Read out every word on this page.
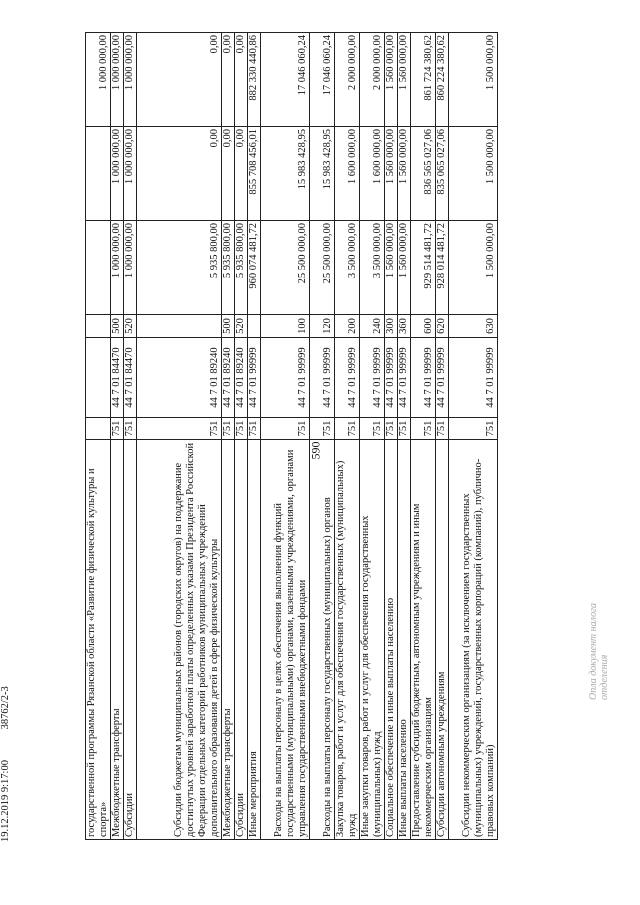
590
государственной программы Рязанской области «Развитие физической культуры и спорта»						1 000 000,00
Межбюджетные трансферты	751	44 7 01 84470	500	1 000 000,00	1 000 000,00	1 000 000,00
Субсидии	751	44 7 01 84470	520	1 000 000,00	1 000 000,00	1 000 000,00
Субсидии бюджетам муниципальных районов (городских округов) на поддержание достигнутых уровней заработной платы определенных указами Президента Российской Федерации отдельных категорий работников муниципальных учреждений дополнительного образования детей в сфере физической культуры	751	44 7 01 89240		5 935 800,00	0,00	0,00
Межбюджетные трансферты	751	44 7 01 89240	500	5 935 800,00	0,00	0,00
Субсидии	751	44 7 01 89240	520	5 935 800,00	0,00	0,00
Иные мероприятия	751	44 7 01 99999		960 074 481,72	855 708 456,01	882 330 440,86
Расходы на выплаты персоналу в целях обеспечения выполнения функций государственными (муниципальными) органами, казенными учреждениями, органами управления государственными внебюджетными фондами	751	44 7 01 99999	100	25 500 000,00	15 983 428,95	17 046 060,24
Расходы на выплаты персоналу государственных (муниципальных) органов	751	44 7 01 99999	120	25 500 000,00	15 983 428,95	17 046 060,24
Закупка товаров, работ и услуг для обеспечения государственных (муниципальных) нужд	751	44 7 01 99999	200	3 500 000,00	1 600 000,00	2 000 000,00
Иные закупки товаров, работ и услуг для обеспечения государственных (муниципальных) нужд	751	44 7 01 99999	240	3 500 000,00	1 600 000,00	2 000 000,00
Социальное обеспечение и иные выплаты населению	751	44 7 01 99999	300	1 560 000,00	1 560 000,00	1 560 000,00
Иные выплаты населению	751	44 7 01 99999	360	1 560 000,00	1 560 000,00	1 560 000,00
Предоставление субсидий бюджетным, автономным учреждениям и иным некоммерческим организациям	751	44 7 01 99999	600	929 514 481,72	836 565 027,06	861 724 380,62
Субсидии автономным учреждениям	751	44 7 01 99999	620	928 014 481,72	835 065 027,06	860 224 380,62
Субсидии некоммерческим организациям (за исключением государственных (муниципальных) учреждений, государственных корпораций (компаний), публично-правовых компаний)	751	44 7 01 99999	630	1 500 000,00	1 500 000,00	1 500 000,00
19.12.2019 9:17:00 38762/2-3
Опла документ налога отделения
